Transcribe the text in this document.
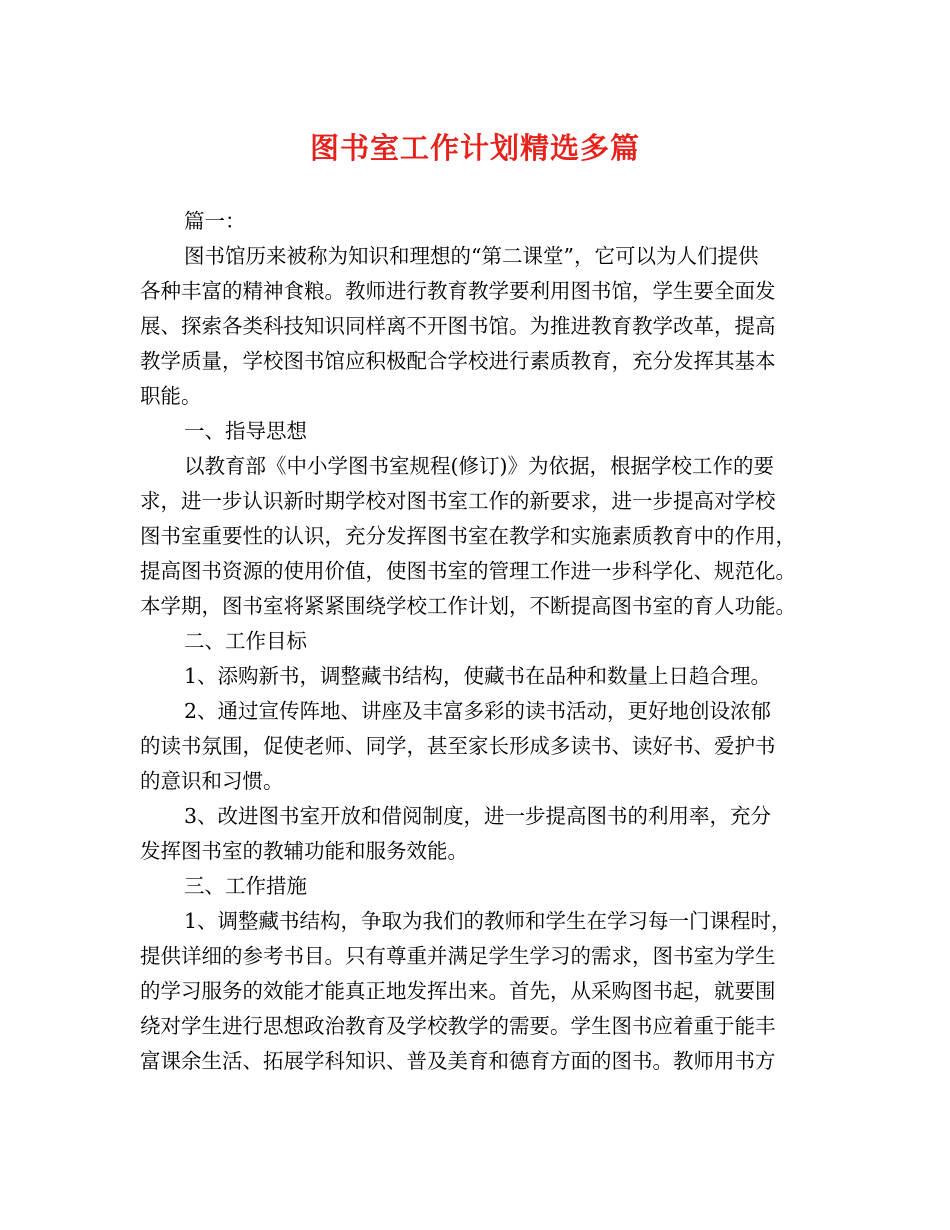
图书室工作计划精选多篇
篇一：
图书馆历来被称为知识和理想的“第二课堂”，它可以为人们提供
各种丰富的精神食粮。教师进行教育教学要利用图书馆，学生要全面发
展、探索各类科技知识同样离不开图书馆。为推进教育教学改革，提高
教学质量，学校图书馆应积极配合学校进行素质教育，充分发挥其基本
职能。
一、指导思想
以教育部《中小学图书室规程(修订)》为依据，根据学校工作的要
求，进一步认识新时期学校对图书室工作的新要求，进一步提高对学校
图书室重要性的认识，充分发挥图书室在教学和实施素质教育中的作用，
提高图书资源的使用价值，使图书室的管理工作进一步科学化、规范化。
本学期，图书室将紧紧围绕学校工作计划，不断提高图书室的育人功能。
二、工作目标
1、添购新书，调整藏书结构，使藏书在品种和数量上日趋合理。
2、通过宣传阵地、讲座及丰富多彩的读书活动，更好地创设浓郁
的读书氛围，促使老师、同学，甚至家长形成多读书、读好书、爱护书
的意识和习惯。
3、改进图书室开放和借阅制度，进一步提高图书的利用率，充分
发挥图书室的教辅功能和服务效能。
三、工作措施
1、调整藏书结构，争取为我们的教师和学生在学习每一门课程时，
提供详细的参考书目。只有尊重并满足学生学习的需求，图书室为学生
的学习服务的效能才能真正地发挥出来。首先，从采购图书起，就要围
绕对学生进行思想政治教育及学校教学的需要。学生图书应着重于能丰
富课余生活、拓展学科知识、普及美育和德育方面的图书。教师用书方
